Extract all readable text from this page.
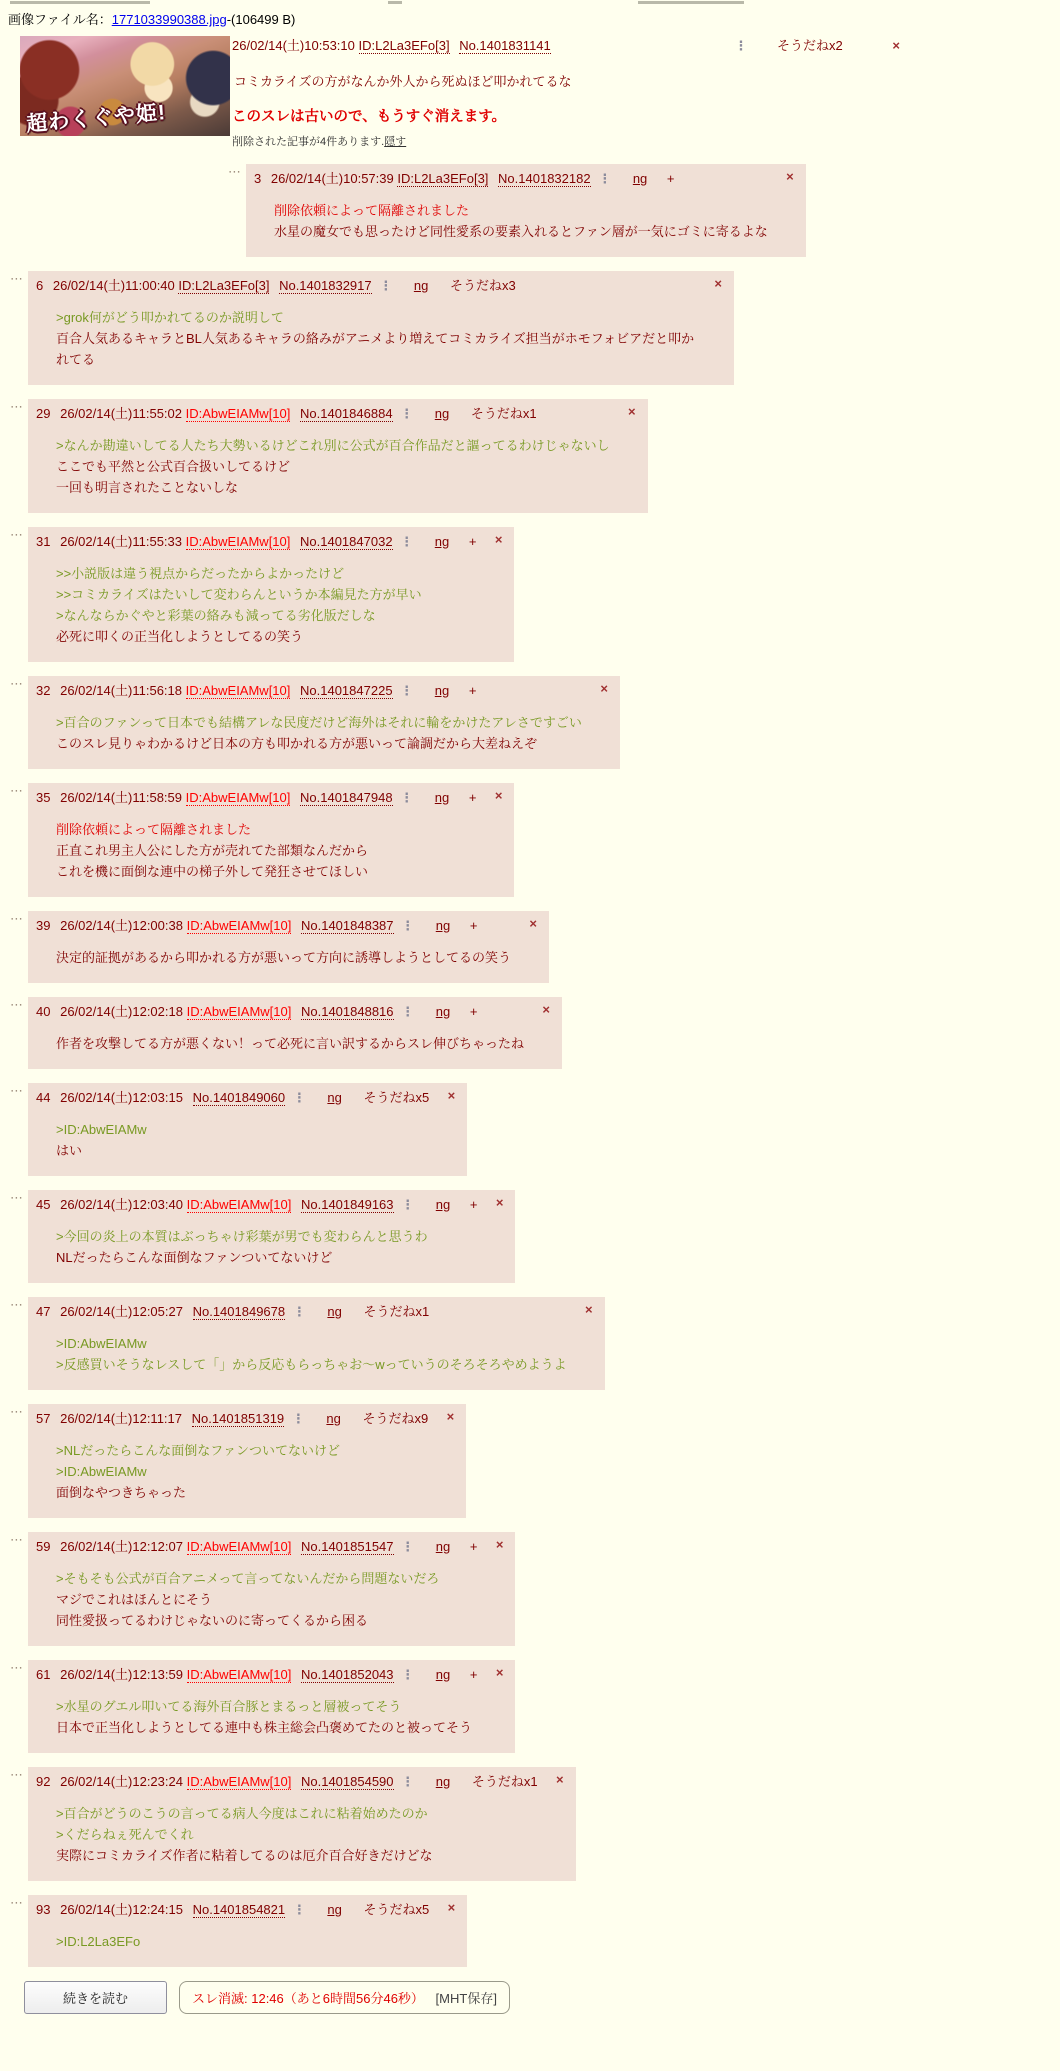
画像ファイル名：1771033990388.jpg-(106499 B)
超わくぐや姫!
26/02/14(土)10:53:10 ID:L2La3EFo[3] No.1401831141	⋮ そうだねx2	×
コミカライズの方がなんか外人から死ぬほど叩かれてるな
このスレは古いので、もうすぐ消えます。
削除された記事が4件あります.隠す
⋯ 3 26/02/14(土)10:57:39 ID:L2La3EFo[3] No.1401832182 ⋮ ng +	×
削除依頼によって隔離されました
水星の魔女でも思ったけど同性愛系の要素入れるとファン層が一気にゴミに寄るよな
⋯ 6 26/02/14(土)11:00:40 ID:L2La3EFo[3] No.1401832917 ⋮ ng そうだねx3	×
>grok何がどう叩かれてるのか説明して
百合人気あるキャラとBL人気あるキャラの絡みがアニメより増えてコミカライズ担当がホモフォビアだと叩かれてる
⋯ 29 26/02/14(土)11:55:02 ID:AbwEIAMw[10] No.1401846884 ⋮ ng そうだねx1	×
>なんか勘違いしてる人たち大勢いるけどこれ別に公式が百合作品だと謳ってるわけじゃないし
ここでも平然と公式百合扱いしてるけど
一回も明言されたことないしな
⋯ 31 26/02/14(土)11:55:33 ID:AbwEIAMw[10] No.1401847032 ⋮ ng + ×
>>小説版は違う視点からだったからよかったけど
>>コミカライズはたいして変わらんというか本編見た方が早い
>なんならかぐやと彩葉の絡みも減ってる劣化版だしな
必死に叩くの正当化しようとしてるの笑う
⋯ 32 26/02/14(土)11:56:18 ID:AbwEIAMw[10] No.1401847225 ⋮ ng +	×
>百合のファンって日本でも結構アレな民度だけど海外はそれに輪をかけたアレさですごい
このスレ見りゃわかるけど日本の方も叩かれる方が悪いって論調だから大差ねえぞ
⋯ 35 26/02/14(土)11:58:59 ID:AbwEIAMw[10] No.1401847948 ⋮ ng + ×
削除依頼によって隔離されました
正直これ男主人公にした方が売れてた部類なんだから
これを機に面倒な連中の梯子外して発狂させてほしい
⋯ 39 26/02/14(土)12:00:38 ID:AbwEIAMw[10] No.1401848387 ⋮ ng +	×
決定的証拠があるから叩かれる方が悪いって方向に誘導しようとしてるの笑う
⋯ 40 26/02/14(土)12:02:18 ID:AbwEIAMw[10] No.1401848816 ⋮ ng +	×
作者を攻撃してる方が悪くない！って必死に言い訳するからスレ伸びちゃったね
⋯ 44 26/02/14(土)12:03:15 No.1401849060 ⋮ ng そうだねx5 ×
>ID:AbwEIAMw
はい
⋯ 45 26/02/14(土)12:03:40 ID:AbwEIAMw[10] No.1401849163 ⋮ ng + ×
>今回の炎上の本質はぶっちゃけ彩葉が男でも変わらんと思うわ
NLだったらこんな面倒なファンついてないけど
⋯ 47 26/02/14(土)12:05:27 No.1401849678 ⋮ ng そうだねx1	×
>ID:AbwEIAMw
>反感買いそうなレスして「」から反応もらっちゃお～wっていうのそろそろやめようよ
⋯ 57 26/02/14(土)12:11:17 No.1401851319 ⋮ ng そうだねx9 ×
>NLだったらこんな面倒なファンついてないけど
>ID:AbwEIAMw
面倒なやつきちゃった
⋯ 59 26/02/14(土)12:12:07 ID:AbwEIAMw[10] No.1401851547 ⋮ ng + ×
>そもそも公式が百合アニメって言ってないんだから問題ないだろ
マジでこれはほんとにそう
同性愛扱ってるわけじゃないのに寄ってくるから困る
⋯ 61 26/02/14(土)12:13:59 ID:AbwEIAMw[10] No.1401852043 ⋮ ng + ×
>水星のグエル叩いてる海外百合豚とまるっと層被ってそう
日本で正当化しようとしてる連中も株主総会凸褒めてたのと被ってそう
⋯ 92 26/02/14(土)12:23:24 ID:AbwEIAMw[10] No.1401854590 ⋮ ng そうだねx1 ×
>百合がどうのこうの言ってる病人今度はこれに粘着始めたのか
>くだらねぇ死んでくれ
実際にコミカライズ作者に粘着してるのは厄介百合好きだけどな
⋯ 93 26/02/14(土)12:24:15 No.1401854821 ⋮ ng そうだねx5 ×
>ID:L2La3EFo
続きを読む	スレ消滅: 12:46（あと6時間56分46秒） [MHT保存]
